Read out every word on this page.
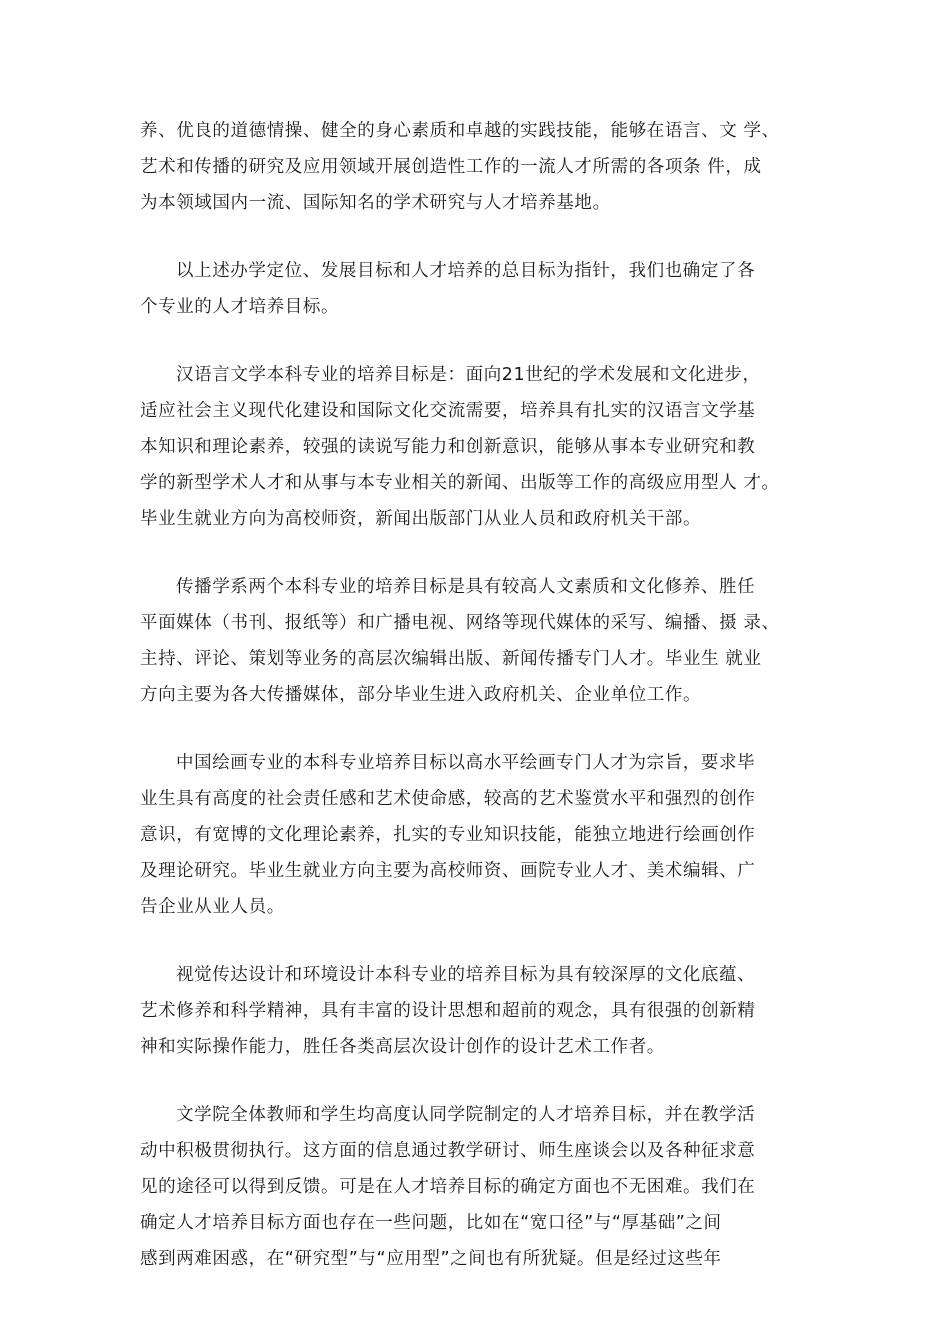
养、优良的道德情操、健全的身心素质和卓越的实践技能，能够在语言、文 学、
艺术和传播的研究及应用领域开展创造性工作的一流人才所需的各项条 件，成
为本领域国内一流、国际知名的学术研究与人才培养基地。
以上述办学定位、发展目标和人才培养的总目标为指针，我们也确定了各
个专业的人才培养目标。
汉语言文学本科专业的培养目标是：面向21世纪的学术发展和文化进步，
适应社会主义现代化建设和国际文化交流需要，培养具有扎实的汉语言文学基
本知识和理论素养，较强的读说写能力和创新意识，能够从事本专业研究和教
学的新型学术人才和从事与本专业相关的新闻、出版等工作的高级应用型人 才。
毕业生就业方向为高校师资，新闻出版部门从业人员和政府机关干部。
传播学系两个本科专业的培养目标是具有较高人文素质和文化修养、胜任
平面媒体（书刊、报纸等）和广播电视、网络等现代媒体的采写、编播、摄 录、
主持、评论、策划等业务的高层次编辑出版、新闻传播专门人才。毕业生 就业
方向主要为各大传播媒体，部分毕业生进入政府机关、企业单位工作。
中国绘画专业的本科专业培养目标以高水平绘画专门人才为宗旨，要求毕
业生具有高度的社会责任感和艺术使命感，较高的艺术鉴赏水平和强烈的创作
意识，有宽博的文化理论素养，扎实的专业知识技能，能独立地进行绘画创作
及理论研究。毕业生就业方向主要为高校师资、画院专业人才、美术编辑、广
告企业从业人员。
视觉传达设计和环境设计本科专业的培养目标为具有较深厚的文化底蕴、
艺术修养和科学精神，具有丰富的设计思想和超前的观念，具有很强的创新精
神和实际操作能力，胜任各类高层次设计创作的设计艺术工作者。
文学院全体教师和学生均高度认同学院制定的人才培养目标，并在教学活
动中积极贯彻执行。这方面的信息通过教学研讨、师生座谈会以及各种征求意
见的途径可以得到反馈。可是在人才培养目标的确定方面也不无困难。我们在
确定人才培养目标方面也存在一些问题，比如在“宽口径”与“厚基础”之间
感到两难困惑，在“研究型”与“应用型”之间也有所犹疑。但是经过这些年
